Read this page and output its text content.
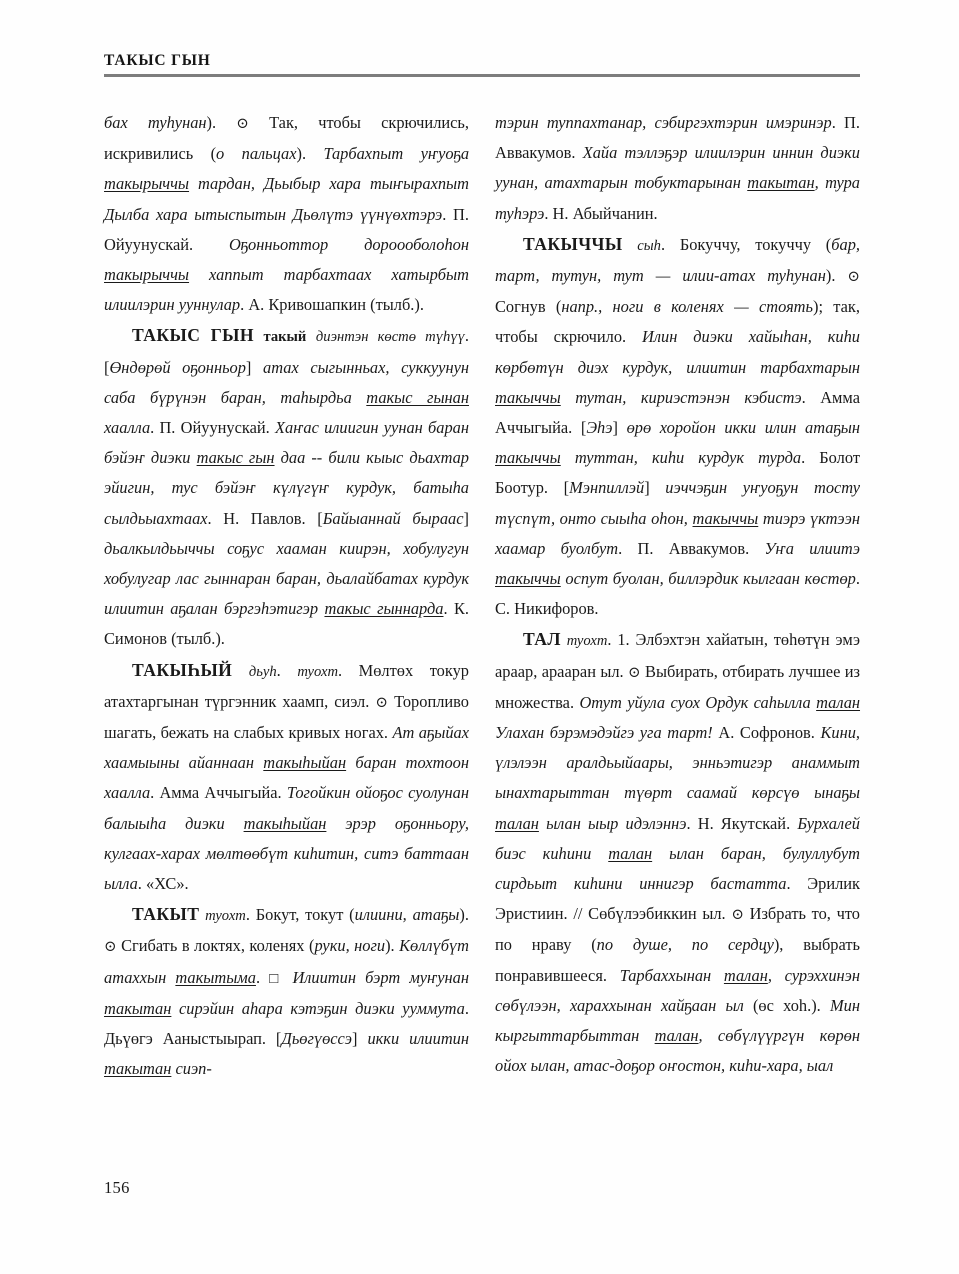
ТАКЫС ГЫН

бах туһунан). ⊙ Так, чтобы скрючились, искривились (о пальцах). Тарбахпыт уҥуоҕа такырыччы тардан, Дьыбыр хара тыҥырахпыт Дылба хара ытыспытын Дьөлүтэ үүнүөхтэрэ. П. Ойуунускай. Оҕонньоттор дороооболоһон такырыччы хаппыт тарбахтаах хатырбыт илиилэрин ууннулар. А. Кривошапкин (тылб.).

ТАКЫС ГЫН такый диэнтэн көстө түһүү. [Өндөрөй оҕонньор] атах сыгынньах, суккуунун саба бүрүнэн баран, таһырдьа такыс гынан хаалла. П. Ойуунускай. Хаҥас илиигин уунан баран бэйэҥ диэки такыс гын даа -- били кыыс дьахтар эйигин, тус бэйэҥ күлүгүҥ курдук, батыһа сылдьыахтаах. Н. Павлов. [Байыаннай быраас] дьалкылдьыччы соҕус хааман киирэн, хобулугун хобулугар лас гыннаран баран, дьалайбатах курдук илиитин аҕалан бэргэһэтигэр такыс гыннарда. К. Симонов (тылб.).

ТАКЫҺЫЙ дьуһ. туохт. Мөлтөх токур атахтаргынан түргэнник хаамп, сиэл. ⊙ Торопливо шагать, бежать на слабых кривых ногах. Ат аҕыйах хаамыыны айаннаан такыһыйан баран тохтоон хаалла. Амма Аччыгыйа. Тогойкин ойоҕос суолунан балыыһа диэки такыһыйан эрэр оҕонньору, кулгаах-харах мөлтөөбүт киһитин, ситэ баттаан ылла. «ХС».

ТАКЫТ туохт. Бокут, токут (илиини, атаҕы). ⊙ Сгибать в локтях, коленях (руки, ноги). Көллүбүт атаххын такытыма. □ Илиитин бэрт муҥунан такытан сирэйин аһара кэтэҕин диэки ууммута. Дьүөгэ Ааныстыырап. [Дьөгүөссэ] икки илиитин такытан сиэп-

тэрин туппахтанар, сэбиргэхтэрин имэринэр. П. Аввакумов. Хайа тэллэҕэр илиилэрин иннин диэки уунан, атахтарын тобуктарынан такытан, тура туһэрэ. Н. Абыйчанин.

ТАКЫЧЧЫ сыһ. Бокуччу, токуччу (бар, тарт, тутун, тут — илии-атах туһунан). ⊙ Согнув (напр., ноги в коленях — стоять); так, чтобы скрючило. Илин диэки хайыһан, киһи көрбөтүн диэх курдук, илиитин тарбахтарын такыччы тутан, кириэстэнэн кэбистэ. Амма Аччыгыйа. [Эһэ] өрө хоройон икки илин атаҕын такыччы туттан, киһи курдук турда. Болот Боотур. [Мэнпиллэй] иэччэҕин уҥуоҕун тосту түспүт, онто сыыһа оһон, такыччы тиэрэ үктээн хаамар буолбут. П. Аввакумов. Уҥа илиитэ такыччы оспут буолан, биллэрдик кылгаан көстөр. С. Никифоров.

ТАЛ туохт. 1. Элбэхтэн хайатын, төһөтүн эмэ араар, арааран ыл. ⊙ Выбирать, отбирать лучшее из множества. Отут уйула суох Ордук саһылла талан Улахан бэрэмэдэйгэ уга тарт! А. Софронов. Кини, үлэлээн аралдьыйаары, энньэтигэр анаммыт ынахтарыттан түөрт саамай көрсүө ынаҕы талан ылан ыыр идэлэннэ. Н. Якутскай. Бурхалей биэс киһини талан ылан баран, булуллубут сирдьыт киһини иннигэр бастатта. Эрилик Эристиин. // Сөбүлээбиккин ыл. ⊙ Избрать то, что по нраву (по душе, по сердцу), выбрать понравившееся. Тарбаххынан талан, сурэххинэн сөбүлээн, хараххынан хайҕаан ыл (өс хоһ.). Мин кыргыттарбыттан талан, сөбүлүүргүн көрөн ойох ылан, атас-доҕор оҥостон, киһи-хара, ыал

156
